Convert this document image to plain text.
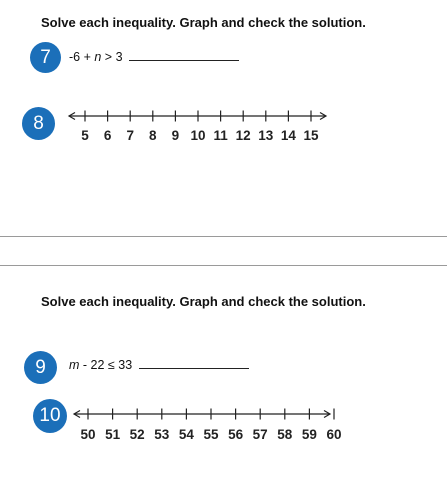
Solve each inequality. Graph and check the solution.
7	-6 + n > 3
8
5 6 7 8 9 10 11 12 13 14 15
Solve each inequality. Graph and check the solution.
9	m - 22 ≤ 33
10
50 51 52 53 54 55 56 57 58 59 60
